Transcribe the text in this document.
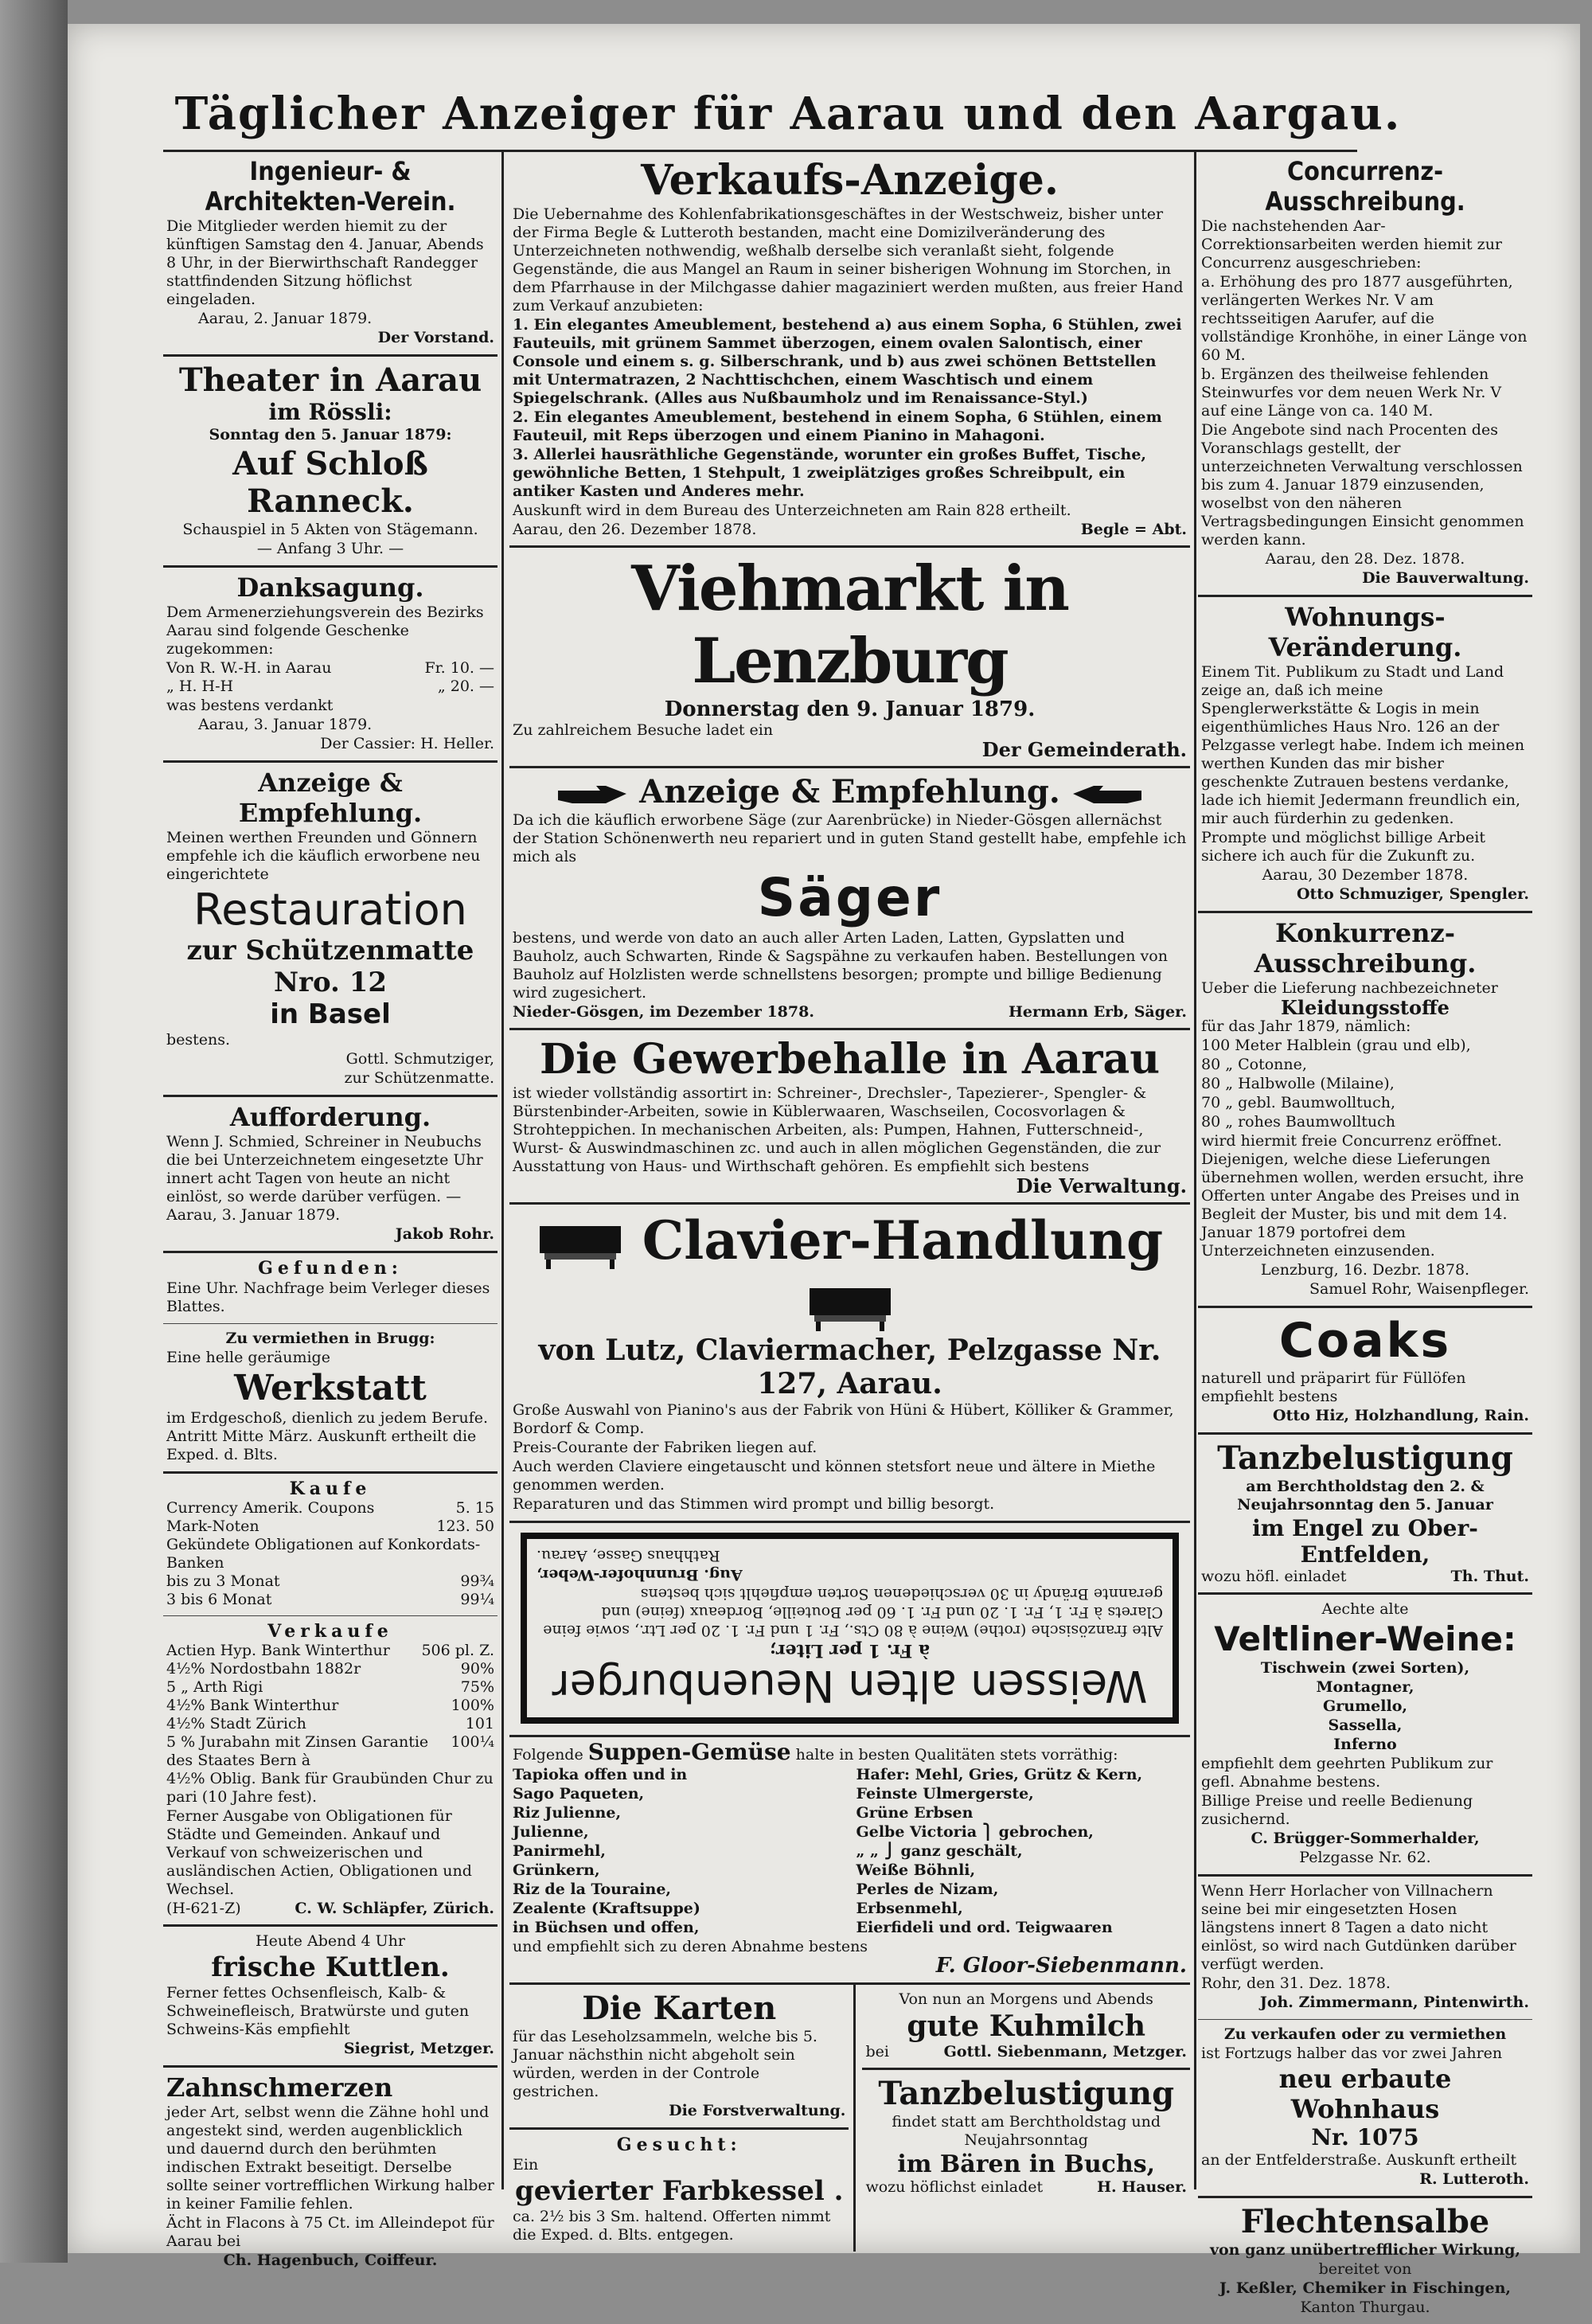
Täglicher Anzeiger für Aarau und den Aargau.
Ingenieur- & Architekten-Verein.
Die Mitglieder werden hiemit zu der künftigen Samstag den 4. Januar, Abends 8 Uhr, in der Bierwirthschaft Randegger stattfindenden Sitzung höflichst eingeladen.
Aarau, 2. Januar 1879.
Der Vorstand.
Theater in Aarau
im Rössli:
Sonntag den 5. Januar 1879:
Auf Schloß Ranneck.
Schauspiel in 5 Akten von Stägemann.
— Anfang 3 Uhr. —
Danksagung.
Dem Armenerziehungsverein des Bezirks Aarau sind folgende Geschenke zugekommen:
Von R. W.-H. in Aarau	Fr. 10. —
„ H. H-H	„ 20. —
was bestens verdankt
Aarau, 3. Januar 1879.
Der Cassier: H. Heller.
Anzeige & Empfehlung.
Meinen werthen Freunden und Gönnern empfehle ich die käuflich erworbene neu eingerichtete
Restauration
zur Schützenmatte Nro. 12
in Basel
bestens.
Gottl. Schmutziger,
zur Schützenmatte.
Aufforderung.
Wenn J. Schmied, Schreiner in Neubuchs die bei Unterzeichnetem eingesetzte Uhr innert acht Tagen von heute an nicht einlöst, so werde darüber verfügen. — Aarau, 3. Januar 1879.
Jakob Rohr.
Gefunden:
Eine Uhr. Nachfrage beim Verleger dieses Blattes.
Zu vermiethen in Brugg:
Eine helle geräumige
Werkstatt
im Erdgeschoß, dienlich zu jedem Berufe. Antritt Mitte März. Auskunft ertheilt die Exped. d. Blts.
Kaufe
Currency Amerik. Coupons	5. 15
Mark-Noten	123. 50
Gekündete Obligationen auf Konkordats-Banken
bis zu 3 Monat	99¾
3 bis 6 Monat	99¼
Verkaufe
Actien Hyp. Bank Winterthur 506 pl. Z.
4½% Nordostbahn 1882r	90%
5 „ Arth Rigi	75%
4½% Bank Winterthur	100%
4½% Stadt Zürich	101
5 % Jurabahn mit Zinsen Garantie des Staates Bern à
100¼
4½% Oblig. Bank für Graubünden Chur zu pari (10 Jahre fest).
Ferner Ausgabe von Obligationen für Städte und Gemeinden. Ankauf und Verkauf von schweizerischen und ausländischen Actien, Obligationen und Wechsel.
(H-621-Z)	C. W. Schläpfer, Zürich.
Heute Abend 4 Uhr
frische Kuttlen.
Ferner fettes Ochsenfleisch, Kalb- & Schweinefleisch, Bratwürste und guten Schweins-Käs empfiehlt
Siegrist, Metzger.
Zahnschmerzen
jeder Art, selbst wenn die Zähne hohl und angestekt sind, werden augenblicklich und dauernd durch den berühmten indischen Extrakt beseitigt. Derselbe sollte seiner vortrefflichen Wirkung halber in keiner Familie fehlen.
Ächt in Flacons à 75 Ct. im Alleindepot für Aarau bei
Ch. Hagenbuch, Coiffeur.
Verkaufs-Anzeige.
Die Uebernahme des Kohlenfabrikationsgeschäftes in der Westschweiz, bisher unter der Firma Begle & Lutteroth bestanden, macht eine Domizilveränderung des Unterzeichneten nothwendig, weßhalb derselbe sich veranlaßt sieht, folgende Gegenstände, die aus Mangel an Raum in seiner bisherigen Wohnung im Storchen, in dem Pfarrhause in der Milchgasse dahier magaziniert werden mußten, aus freier Hand zum Verkauf anzubieten:
1. Ein elegantes Ameublement, bestehend a) aus einem Sopha, 6 Stühlen, zwei Fauteuils, mit grünem Sammet überzogen, einem ovalen Salontisch, einer Console und einem s. g. Silberschrank, und b) aus zwei schönen Bettstellen mit Untermatrazen, 2 Nachttischchen, einem Waschtisch und einem Spiegelschrank. (Alles aus Nußbaumholz und im Renaissance-Styl.)
2. Ein elegantes Ameublement, bestehend in einem Sopha, 6 Stühlen, einem Fauteuil, mit Reps überzogen und einem Pianino in Mahagoni.
3. Allerlei hausräthliche Gegenstände, worunter ein großes Buffet, Tische, gewöhnliche Betten, 1 Stehpult, 1 zweiplätziges großes Schreibpult, ein antiker Kasten und Anderes mehr.
Auskunft wird in dem Bureau des Unterzeichneten am Rain 828 ertheilt.
Aarau, den 26. Dezember 1878.	Begle = Abt.
Viehmarkt in Lenzburg
Donnerstag den 9. Januar 1879.
Zu zahlreichem Besuche ladet ein
Der Gemeinderath.
Anzeige & Empfehlung.
Da ich die käuflich erworbene Säge (zur Aarenbrücke) in Nieder-Gösgen allernächst der Station Schönenwerth neu repariert und in guten Stand gestellt habe, empfehle ich mich als
Säger
bestens, und werde von dato an auch aller Arten Laden, Latten, Gypslatten und Bauholz, auch Schwarten, Rinde & Sagspähne zu verkaufen haben. Bestellungen von Bauholz auf Holzlisten werde schnellstens besorgen; prompte und billige Bedienung wird zugesichert.
Nieder-Gösgen, im Dezember 1878.	Hermann Erb, Säger.
Die Gewerbehalle in Aarau
ist wieder vollständig assortirt in: Schreiner-, Drechsler-, Tapezierer-, Spengler- & Bürstenbinder-Arbeiten, sowie in Küblerwaaren, Waschseilen, Cocosvorlagen & Strohteppichen. In mechanischen Arbeiten, als: Pumpen, Hahnen, Futterschneid-, Wurst- & Auswindmaschinen zc. und auch in allen möglichen Gegenständen, die zur Ausstattung von Haus- und Wirthschaft gehören. Es empfiehlt sich bestens
Die Verwaltung.
Clavier-Handlung
von Lutz, Claviermacher, Pelzgasse Nr. 127, Aarau.
Große Auswahl von Pianino's aus der Fabrik von Hüni & Hübert, Kölliker & Grammer, Bordorf & Comp.
Preis-Courante der Fabriken liegen auf.
Auch werden Claviere eingetauscht und können stetsfort neue und ältere in Miethe genommen werden.
Reparaturen und das Stimmen wird prompt und billig besorgt.
Weissen alten Neuenburger
à Fr. 1 per Liter;
Alte französische (rothe) Weine à 80 Cts., Fr. 1 und Fr. 1. 20 per Ltr., sowie feine Clarets à Fr. 1, Fr. 1. 20 und Fr. 1. 60 per Bouteille, Bordeaux (feine) und gerannte Brändy in 30 verschiedenen Sorten empfiehlt sich bestens
Aug. Brunnhofer-Weber,
Rathhaus Gasse, Aarau.
Folgende Suppen-Gemüse halte in besten Qualitäten stets vorräthig:
Tapioka offen und in
Sago Paqueten,
Riz Julienne,
Julienne,
Panirmehl,
Grünkern,
Riz de la Touraine,
Zealente (Kraftsuppe)
in Büchsen und offen,
Hafer: Mehl, Gries, Grütz & Kern,
Feinste Ulmergerste,
Grüne Erbsen
Gelbe Victoria ⎫ gebrochen,
„ „ ⎭ ganz geschält,
Weiße Böhnli,
Perles de Nizam,
Erbsenmehl,
Eierfideli und ord. Teigwaaren
und empfiehlt sich zu deren Abnahme bestens
F. Gloor-Siebenmann.
Die Karten
für das Leseholzsammeln, welche bis 5. Januar nächsthin nicht abgeholt sein würden, werden in der Controle gestrichen.
Die Forstverwaltung.
Gesucht:
Ein
gevierter Farbkessel .
ca. 2½ bis 3 Sm. haltend. Offerten nimmt die Exped. d. Blts. entgegen.
Von nun an Morgens und Abends
gute Kuhmilch
bei	Gottl. Siebenmann, Metzger.
Tanzbelustigung
findet statt am Berchtholdstag und Neujahrsonntag
im Bären in Buchs,
wozu höflichst einladet	H. Hauser.
Concurrenz-Ausschreibung.
Die nachstehenden Aar-Correktionsarbeiten werden hiemit zur Concurrenz ausgeschrieben:
a. Erhöhung des pro 1877 ausgeführten, verlängerten Werkes Nr. V am rechtsseitigen Aarufer, auf die vollständige Kronhöhe, in einer Länge von 60 M.
b. Ergänzen des theilweise fehlenden Steinwurfes vor dem neuen Werk Nr. V auf eine Länge von ca. 140 M.
Die Angebote sind nach Procenten des Voranschlags gestellt, der unterzeichneten Verwaltung verschlossen bis zum 4. Januar 1879 einzusenden, woselbst von den näheren Vertragsbedingungen Einsicht genommen werden kann.
Aarau, den 28. Dez. 1878.
Die Bauverwaltung.
Wohnungs-Veränderung.
Einem Tit. Publikum zu Stadt und Land zeige an, daß ich meine Spenglerwerkstätte & Logis in mein eigenthümliches Haus Nro. 126 an der Pelzgasse verlegt habe. Indem ich meinen werthen Kunden das mir bisher geschenkte Zutrauen bestens verdanke, lade ich hiemit Jedermann freundlich ein, mir auch fürderhin zu gedenken.
Prompte und möglichst billige Arbeit sichere ich auch für die Zukunft zu.
Aarau, 30 Dezember 1878.
Otto Schmuziger, Spengler.
Konkurrenz-Ausschreibung.
Ueber die Lieferung nachbezeichneter
Kleidungsstoffe
für das Jahr 1879, nämlich:
100 Meter Halblein (grau und elb),
80 „ Cotonne,
80 „ Halbwolle (Milaine),
70 „ gebl. Baumwolltuch,
80 „ rohes Baumwolltuch
wird hiermit freie Concurrenz eröffnet. Diejenigen, welche diese Lieferungen übernehmen wollen, werden ersucht, ihre Offerten unter Angabe des Preises und in Begleit der Muster, bis und mit dem 14. Januar 1879 portofrei dem Unterzeichneten einzusenden.
Lenzburg, 16. Dezbr. 1878.
Samuel Rohr, Waisenpfleger.
Coaks
naturell und präparirt für Füllöfen empfiehlt bestens
Otto Hiz, Holzhandlung, Rain.
Tanzbelustigung
am Berchtholdstag den 2. & Neujahrsonntag den 5. Januar
im Engel zu Ober-Entfelden,
wozu höfl. einladet	Th. Thut.
Aechte alte
Veltliner-Weine:
Tischwein (zwei Sorten),
Montagner,
Grumello,
Sassella,
Inferno
empfiehlt dem geehrten Publikum zur gefl. Abnahme bestens.
Billige Preise und reelle Bedienung zusichernd.
C. Brügger-Sommerhalder,
Pelzgasse Nr. 62.
Wenn Herr Horlacher von Villnachern seine bei mir eingesetzten Hosen längstens innert 8 Tagen a dato nicht einlöst, so wird nach Gutdünken darüber verfügt werden.
Rohr, den 31. Dez. 1878.
Joh. Zimmermann, Pintenwirth.
Zu verkaufen oder zu vermiethen
ist Fortzugs halber das vor zwei Jahren
neu erbaute Wohnhaus
Nr. 1075
an der Entfelderstraße. Auskunft ertheilt
R. Lutteroth.
Flechtensalbe
von ganz unübertrefflicher Wirkung,
bereitet von
J. Keßler, Chemiker in Fischingen,
Kanton Thurgau.
